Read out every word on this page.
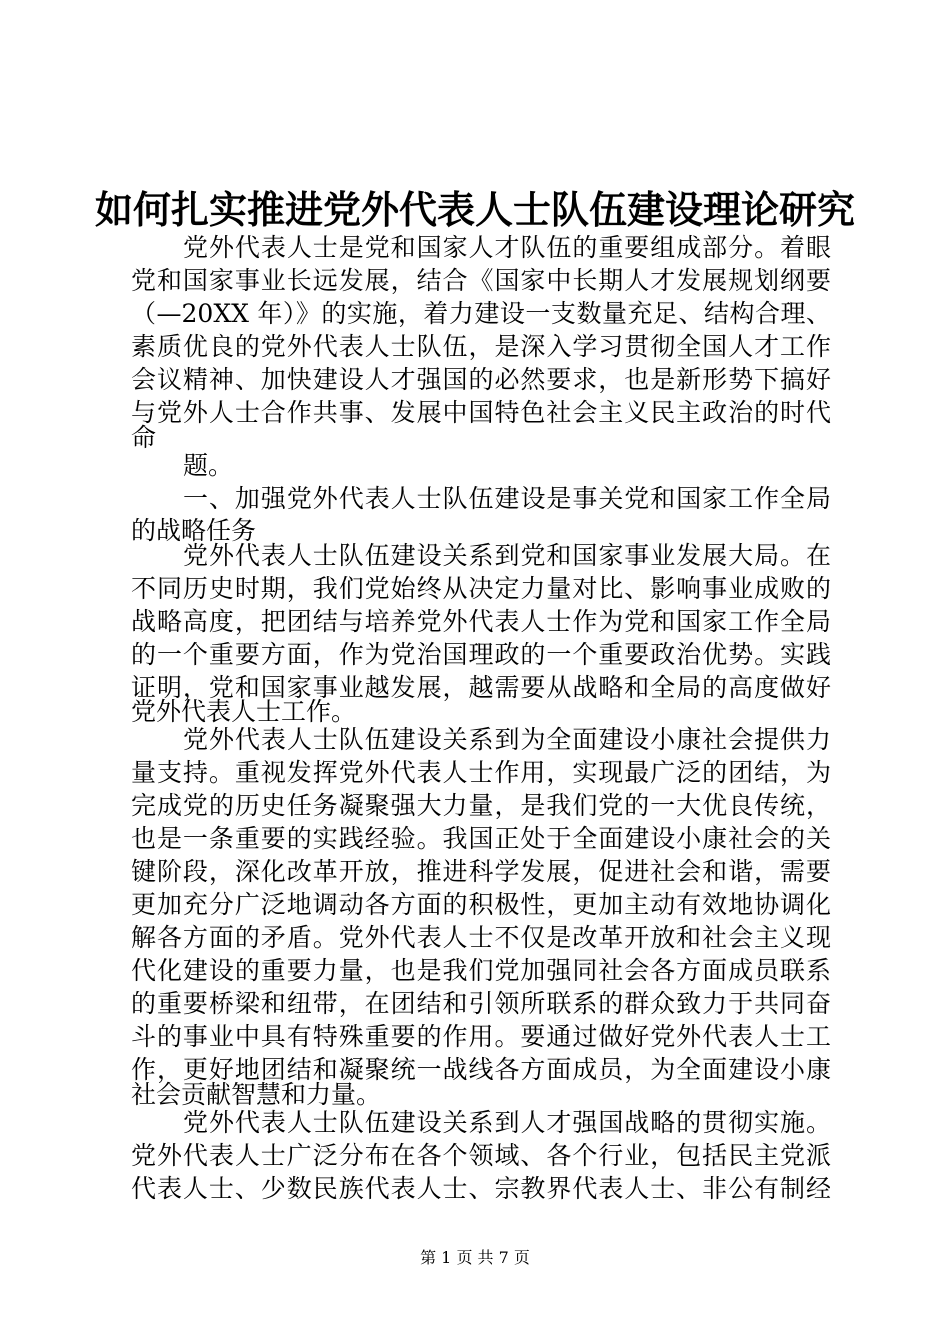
如何扎实推进党外代表人士队伍建设理论研究
党外代表人士是党和国家人才队伍的重要组成部分。着眼
党和国家事业长远发展，结合《国家中长期人才发展规划纲要
（—20XX 年）》的实施，着力建设一支数量充足、结构合理、
素质优良的党外代表人士队伍，是深入学习贯彻全国人才工作
会议精神、加快建设人才强国的必然要求，也是新形势下搞好
与党外人士合作共事、发展中国特色社会主义民主政治的时代
命
题。
一、加强党外代表人士队伍建设是事关党和国家工作全局
的战略任务
党外代表人士队伍建设关系到党和国家事业发展大局。在
不同历史时期，我们党始终从决定力量对比、影响事业成败的
战略高度，把团结与培养党外代表人士作为党和国家工作全局
的一个重要方面，作为党治国理政的一个重要政治优势。实践
证明，党和国家事业越发展，越需要从战略和全局的高度做好
党外代表人士工作。
党外代表人士队伍建设关系到为全面建设小康社会提供力
量支持。重视发挥党外代表人士作用，实现最广泛的团结，为
完成党的历史任务凝聚强大力量，是我们党的一大优良传统，
也是一条重要的实践经验。我国正处于全面建设小康社会的关
键阶段，深化改革开放，推进科学发展，促进社会和谐，需要
更加充分广泛地调动各方面的积极性，更加主动有效地协调化
解各方面的矛盾。党外代表人士不仅是改革开放和社会主义现
代化建设的重要力量，也是我们党加强同社会各方面成员联系
的重要桥梁和纽带，在团结和引领所联系的群众致力于共同奋
斗的事业中具有特殊重要的作用。要通过做好党外代表人士工
作，更好地团结和凝聚统一战线各方面成员，为全面建设小康
社会贡献智慧和力量。
党外代表人士队伍建设关系到人才强国战略的贯彻实施。
党外代表人士广泛分布在各个领域、各个行业，包括民主党派
代表人士、少数民族代表人士、宗教界代表人士、非公有制经
第 1 页 共 7 页
